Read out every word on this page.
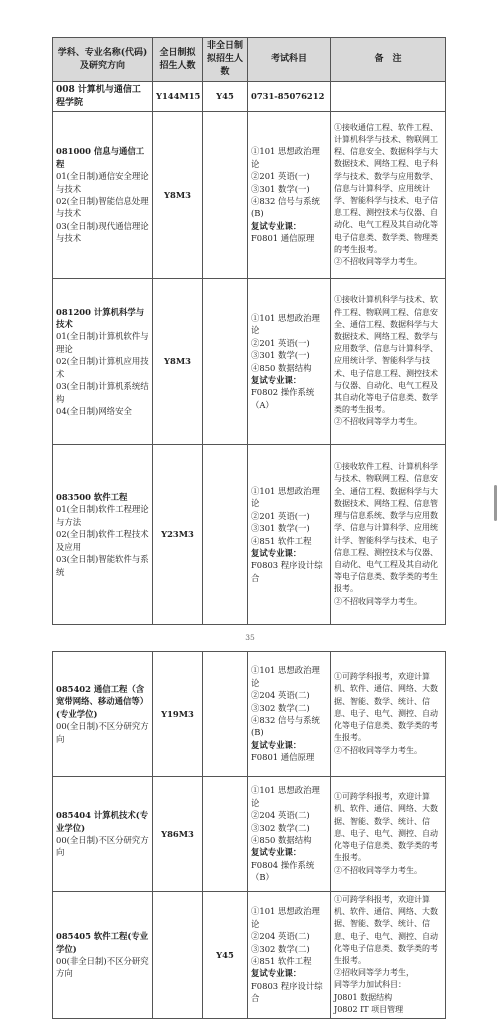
学科、专业名称(代码)及研究方向	全日制拟招生人数	非全日制拟招生人数	考试科目	备　注
008 计算机与通信工程学院	Y144M15	Y45	0731-85076212	

081000 信息与通信工程
01(全日制)通信安全理论与技术
02(全日制)智能信息处理与技术
03(全日制)现代通信理论与技术	Y8M3		①101 思想政治理论
②201 英语(一)
③301 数学(一)
④832 信号与系统(B)
复试专业课：F0801 通信原理	①接收通信工程、软件工程、计算机科学与技术、物联网工程、信息安全、数据科学与大数据技术、网络工程、电子科学与技术、数学与应用数学、信息与计算科学、应用统计学、智能科学与技术、电子信息工程、测控技术与仪器、自动化、电气工程及其自动化等电子信息类、数学类、物理类的考生报考。
②不招收同等学力考生。

081200 计算机科学与技术
01(全日制)计算机软件与理论
02(全日制)计算机应用技术
03(全日制)计算机系统结构
04(全日制)网络安全	Y8M3		①101 思想政治理论
②201 英语(一)
③301 数学(一)
④850 数据结构
复试专业课：F0802 操作系统（A）	①接收计算机科学与技术、软件工程、物联网工程、信息安全、通信工程、数据科学与大数据技术、网络工程、数学与应用数学、信息与计算科学、应用统计学、智能科学与技术、电子信息工程、测控技术与仪器、自动化、电气工程及其自动化等电子信息类、数学类的考生报考。
②不招收同等学力考生。

083500 软件工程
01(全日制)软件工程理论与方法
02(全日制)软件工程技术及应用
03(全日制)智能软件与系统	Y23M3		①101 思想政治理论
②201 英语(一)
③301 数学(一)
④851 软件工程
复试专业课：F0803 程序设计综合	①接收软件工程、计算机科学与技术、物联网工程、信息安全、通信工程、数据科学与大数据技术、网络工程、信息管理与信息系统、数学与应用数学、信息与计算科学、应用统计学、智能科学与技术、电子信息工程、测控技术与仪器、自动化、电气工程及其自动化等电子信息类、数学类的考生报考。
②不招收同等学力考生。
35
085402 通信工程（含宽带网络、移动通信等）(专业学位)
00(全日制)不区分研究方向	Y19M3		①101 思想政治理论
②204 英语(二)
③302 数学(二)
④832 信号与系统(B)
复试专业课：F0801 通信原理	①可跨学科报考，欢迎计算机、软件、通信、网络、大数据、智能、数学、统计、信息、电子、电气、测控、自动化等电子信息类、数学类的考生报考。
②不招收同等学力考生。

085404 计算机技术(专业学位)
00(全日制)不区分研究方向	Y86M3		①101 思想政治理论
②204 英语(二)
③302 数学(二)
④850 数据结构
复试专业课：F0804 操作系统（B）	①可跨学科报考，欢迎计算机、软件、通信、网络、大数据、智能、数学、统计、信息、电子、电气、测控、自动化等电子信息类、数学类的考生报考。
②不招收同等学力考生。

085405 软件工程(专业学位)
00(非全日制)不区分研究方向		Y45	①101 思想政治理论
②204 英语(二)
③302 数学(二)
④851 软件工程
复试专业课：F0803 程序设计综合	①可跨学科报考，欢迎计算机、软件、通信、网络、大数据、智能、数学、统计、信息、电子、电气、测控、自动化等电子信息类、数学类的考生报考。
②招收同等学力考生，
同等学力加试科目：
J0801 数据结构
J0802 IT 项目管理
